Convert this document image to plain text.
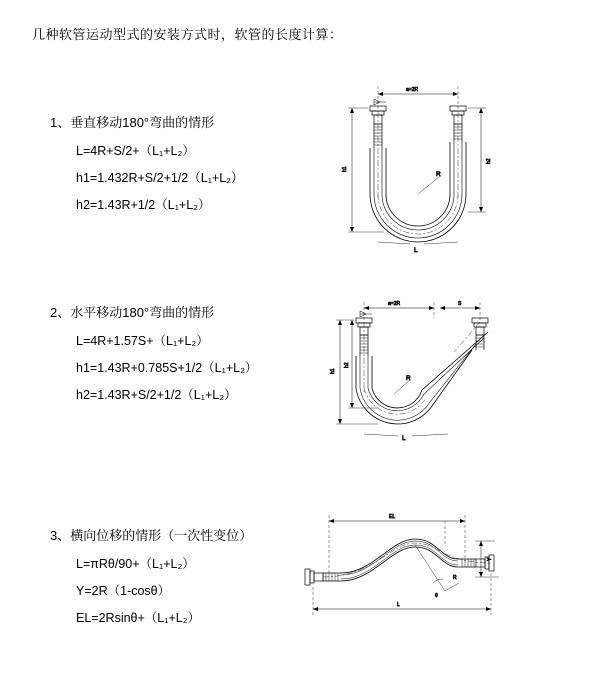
几种软管运动型式的安装方式时，软管的长度计算：
1、垂直移动180°弯曲的情形
L=4R+S/2+（L₁+L₂）
h1=1.432R+S/2+1/2（L₁+L₂）
h2=1.43R+1/2（L₁+L₂）
a=2R
h1
h2
R
L
2、水平移动180°弯曲的情形
L=4R+1.57S+（L₁+L₂）
h1=1.43R+0.785S+1/2（L₁+L₂）
h2=1.43R+S/2+1/2（L₁+L₂）
a=2R	S
h1
h2
R
L
3、横向位移的情形（一次性变位）
L=πRθ/90+（L₁+L₂）
Y=2R（1-cosθ）
EL=2Rsinθ+（L₁+L₂）
EL
Y
θ
R
L
